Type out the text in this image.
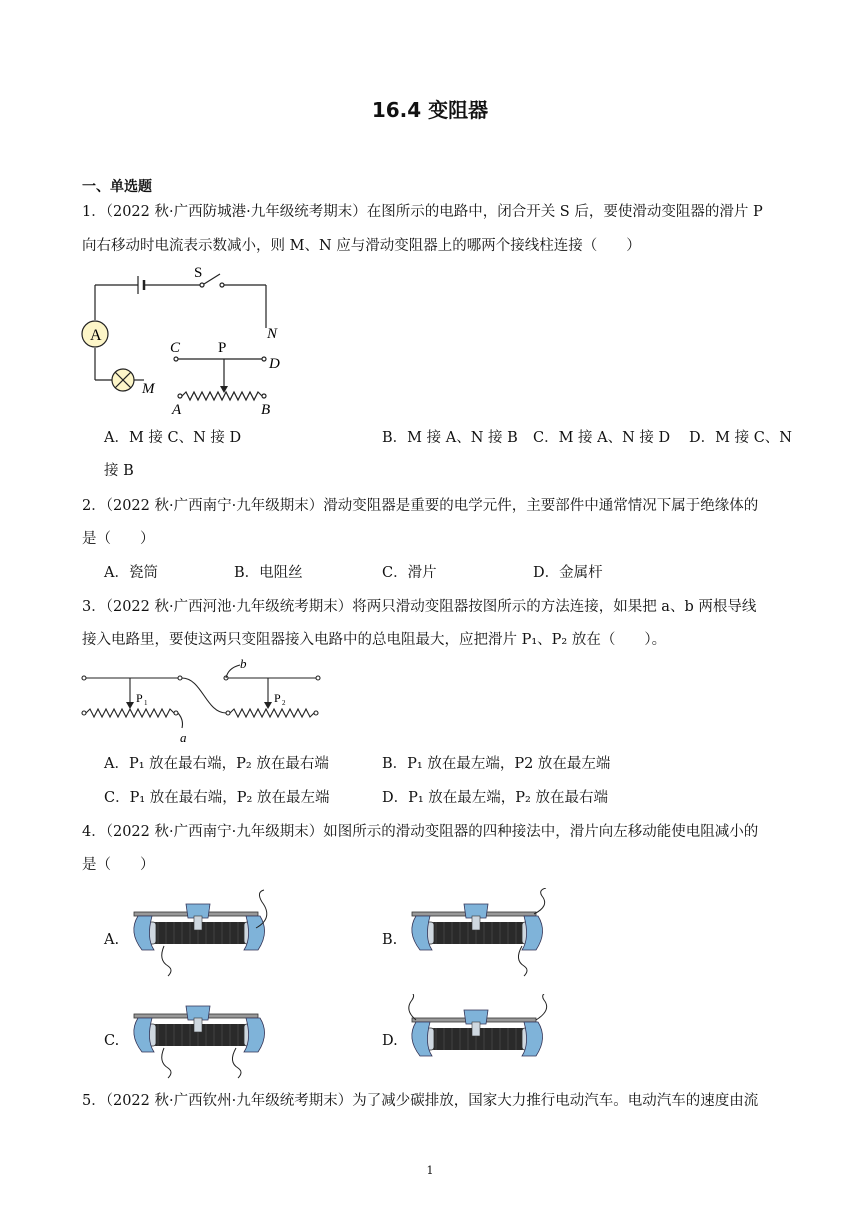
16.4 变阻器
一、单选题
1．（2022 秋·广西防城港·九年级统考期末）在图所示的电路中，闭合开关 S 后，要使滑动变阻器的滑片 P
向右移动时电流表示数减小，则 M、N 应与滑动变阻器上的哪两个接线柱连接（　　）
A
S
N
C	P
D
M
A	B
A．M 接 C、N 接 D	B．M 接 A、N 接 B C．M 接 A、N 接 D D．M 接 C、N
接 B
2．（2022 秋·广西南宁·九年级期末）滑动变阻器是重要的电学元件，主要部件中通常情况下属于绝缘体的
是（　　）
A．瓷筒	B．电阻丝	C．滑片	D．金属杆
3．（2022 秋·广西河池·九年级统考期末）将两只滑动变阻器按图所示的方法连接，如果把 a、b 两根导线
接入电路里，要使这两只变阻器接入电路中的总电阻最大，应把滑片 P₁、P₂ 放在（　　）。
b
P 1	P 2
a
A．P₁ 放在最右端，P₂ 放在最右端	B．P₁ 放在最左端，P2 放在最左端
C．P₁ 放在最右端，P₂ 放在最左端	D．P₁ 放在最左端，P₂ 放在最右端
4．（2022 秋·广西南宁·九年级期末）如图所示的滑动变阻器的四种接法中，滑片向左移动能使电阻减小的
是（　　）
A.	B.
C.	D.
5．（2022 秋·广西钦州·九年级统考期末）为了减少碳排放，国家大力推行电动汽车。电动汽车的速度由流
1
